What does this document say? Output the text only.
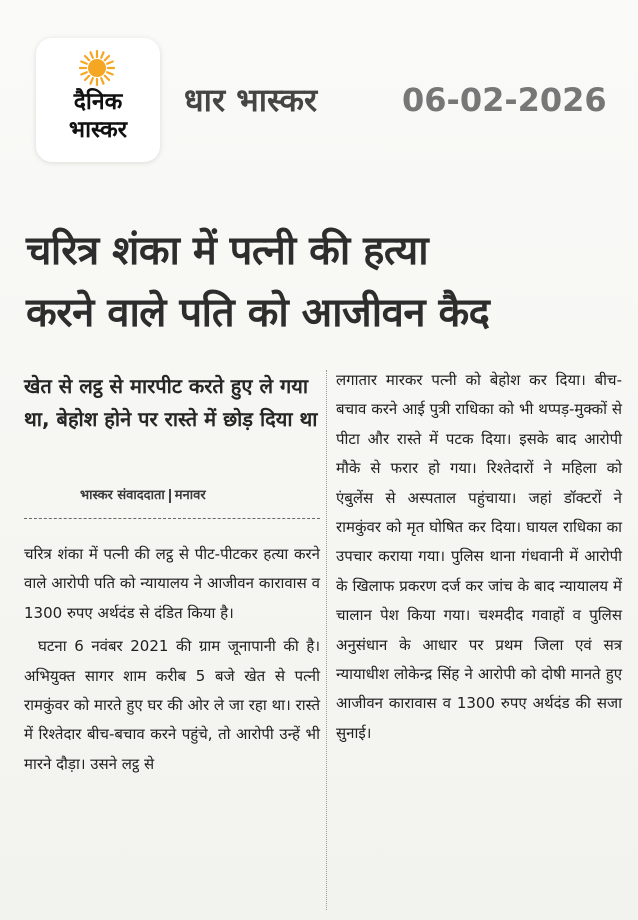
दैनिक
भास्कर
धार भास्कर	06-02-2026
चरित्र शंका में पत्नी की हत्या
करने वाले पति को आजीवन कैद
खेत से लट्ठ से मारपीट करते हुए ले गया था, बेहोश होने पर रास्ते में छोड़ दिया था
भास्कर संवाददाता मनावर

चरित्र शंका में पत्नी की लट्ठ से पीट-पीटकर हत्या करने वाले आरोपी पति को न्यायालय ने आजीवन कारावास व 1300 रुपए अर्थदंड से दंडित किया है।

घटना 6 नवंबर 2021 की ग्राम जूनापानी की है। अभियुक्त सागर शाम करीब 5 बजे खेत से पत्नी रामकुंवर को मारते हुए घर की ओर ले जा रहा था। रास्ते में रिश्तेदार बीच-बचाव करने पहुंचे, तो आरोपी उन्हें भी मारने दौड़ा। उसने लट्ठ से

लगातार मारकर पत्नी को बेहोश कर दिया। बीच-बचाव करने आई पुत्री राधिका को भी थप्पड़-मुक्कों से पीटा और रास्ते में पटक दिया। इसके बाद आरोपी मौके से फरार हो गया। रिश्तेदारों ने महिला को एंबुलेंस से अस्पताल पहुंचाया। जहां डॉक्टरों ने रामकुंवर को मृत घोषित कर दिया। घायल राधिका का उपचार कराया गया। पुलिस थाना गंधवानी में आरोपी के खिलाफ प्रकरण दर्ज कर जांच के बाद न्यायालय में चालान पेश किया गया। चश्मदीद गवाहों व पुलिस अनुसंधान के आधार पर प्रथम जिला एवं सत्र न्यायाधीश लोकेन्द्र सिंह ने आरोपी को दोषी मानते हुए आजीवन कारावास व 1300 रुपए अर्थदंड की सजा सुनाई।
